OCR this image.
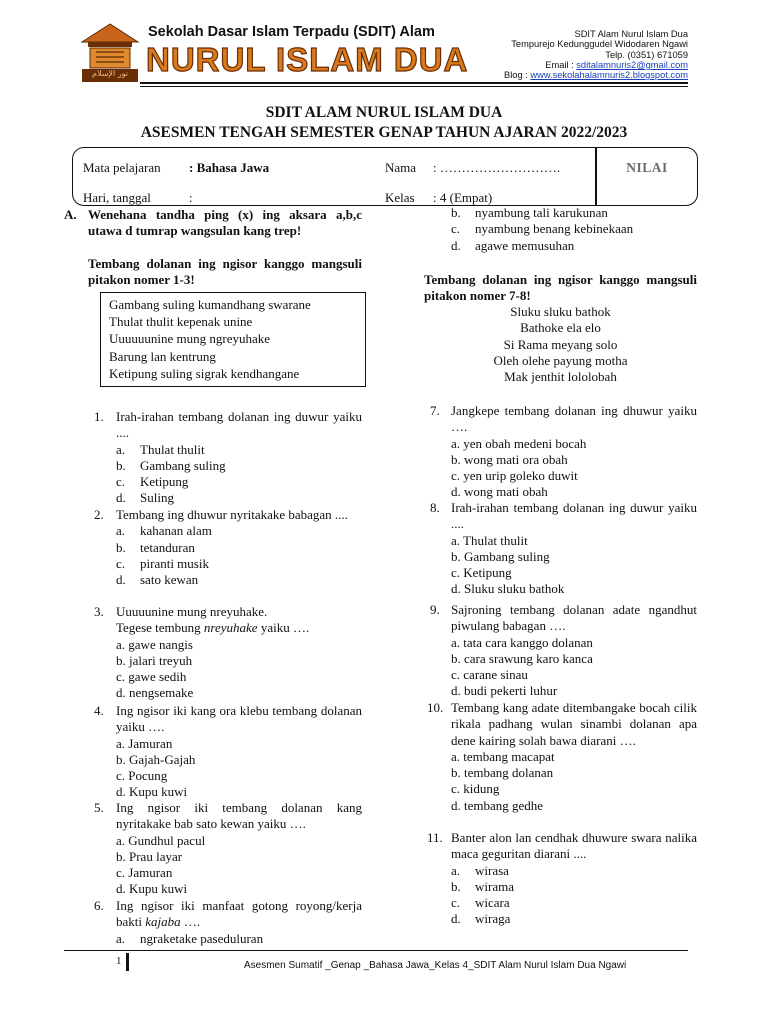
نور الإسلام
Sekolah Dasar Islam Terpadu (SDIT) Alam
NURUL ISLAM DUA
SDIT Alam Nurul Islam Dua
Tempurejo Kedunggudel Widodaren Ngawi
Telp. (0351) 671059
Email : sditalamnuris2@gmail.com
Blog : www.sekolahalamnuris2.blogspot.com
SDIT ALAM NURUL ISLAM DUA
ASESMEN TENGAH SEMESTER GENAP TAHUN AJARAN 2022/2023
Mata pelajaran : Bahasa Jawa
Hari, tanggal	:
Nama : ……………………….
Kelas : 4 (Empat)
NILAI
A. Wenehana tandha ping (x) ing aksara a,b,c utawa d tumrap wangsulan kang trep!
Tembang dolanan ing ngisor kanggo mangsuli pitakon nomer 1-3!
Gambang suling kumandhang swarane
Thulat thulit kepenak unine
Uuuuuunine mung ngreyuhake
Barung lan kentrung
Ketipung suling sigrak kendhangane
1. Irah-irahan tembang dolanan ing duwur yaiku ....
a. Thulat thulit
b. Gambang suling
c. Ketipung
d. Suling
2. Tembang ing dhuwur nyritakake babagan ....
a. kahanan alam
b. tetanduran
c. piranti musik
d. sato kewan
3. Uuuuunine mung nreyuhake.
Tegese tembung nreyuhake yaiku ….
a. gawe nangis
b. jalari treyuh
c. gawe sedih
d. nengsemake
4. Ing ngisor iki kang ora klebu tembang dolanan yaiku ….
a. Jamuran
b. Gajah-Gajah
c. Pocung
d. Kupu kuwi
5. Ing ngisor iki tembang dolanan kang nyritakake bab sato kewan yaiku ….
a. Gundhul pacul
b. Prau layar
c. Jamuran
d. Kupu kuwi
6. Ing ngisor iki manfaat gotong royong/kerja bakti kajaba ….
a. ngraketake paseduluran
b. nyambung tali karukunan
c. nyambung benang kebinekaan
d. agawe memusuhan
Tembang dolanan ing ngisor kanggo mangsuli pitakon nomer 7-8!
Sluku sluku bathok
Bathoke ela elo
Si Rama meyang solo
Oleh olehe payung motha
Mak jenthit lololobah
7. Jangkepe tembang dolanan ing dhuwur yaiku ….
a. yen obah medeni bocah
b. wong mati ora obah
c. yen urip goleko duwit
d. wong mati obah
8. Irah-irahan tembang dolanan ing duwur yaiku ....
a. Thulat thulit
b. Gambang suling
c. Ketipung
d. Sluku sluku bathok
9. Sajroning tembang dolanan adate ngandhut piwulang babagan ….
a. tata cara kanggo dolanan
b. cara srawung karo kanca
c. carane sinau
d. budi pekerti luhur
10. Tembang kang adate ditembangake bocah cilik rikala padhang wulan sinambi dolanan apa dene kairing solah bawa diarani ….
a. tembang macapat
b. tembang dolanan
c. kidung
d. tembang gedhe
11. Banter alon lan cendhak dhuwure swara nalika maca geguritan diarani ....
a. wirasa
b. wirama
c. wicara
d. wiraga
1	Asesmen Sumatif _Genap _Bahasa Jawa_Kelas 4_SDIT Alam Nurul Islam Dua Ngawi
